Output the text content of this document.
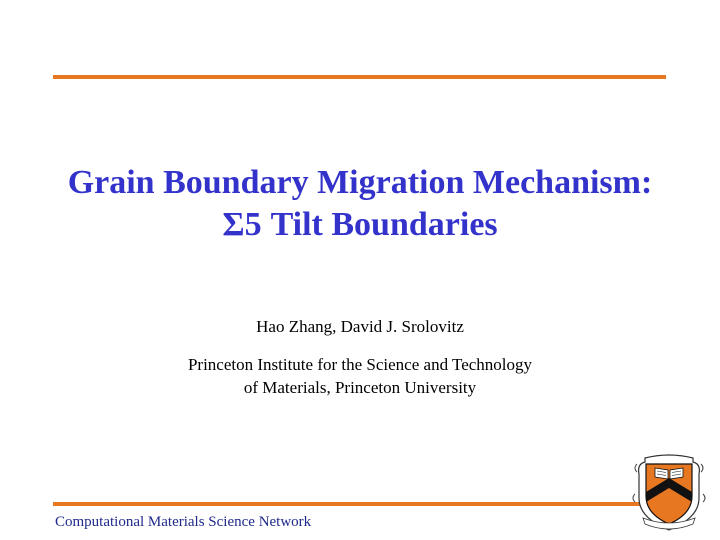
Grain Boundary Migration Mechanism:
Σ5 Tilt Boundaries
Hao Zhang, David J. Srolovitz
Princeton Institute for the Science and Technology
of Materials, Princeton University
Computational Materials Science Network
